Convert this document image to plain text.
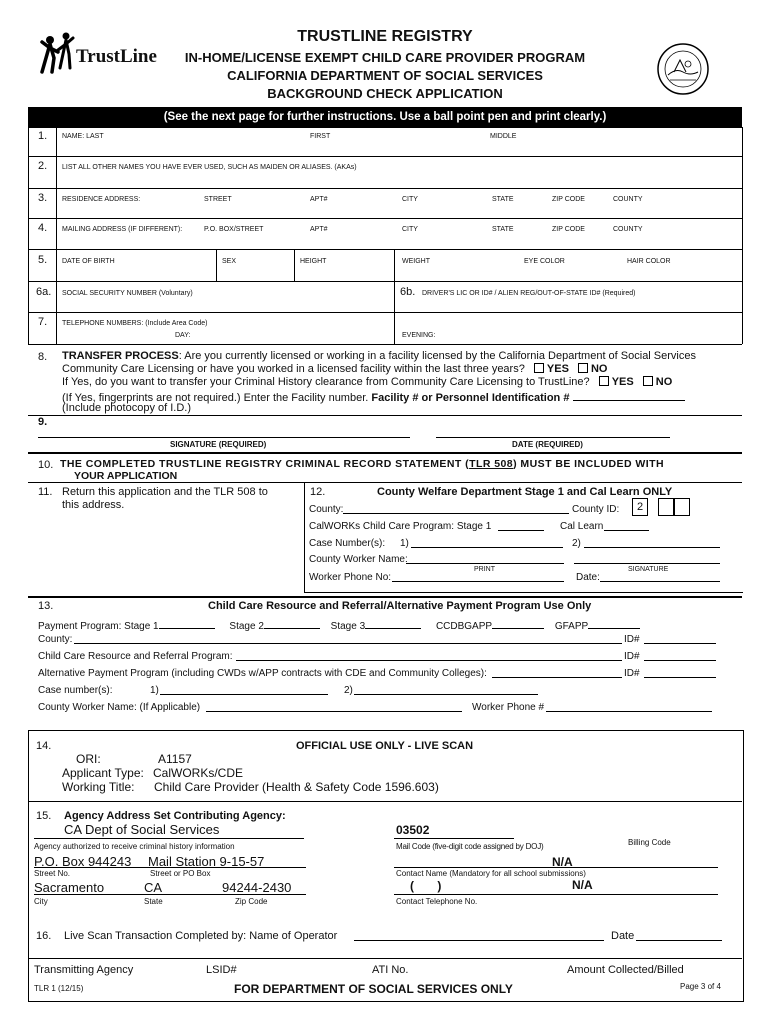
TrustLine
TRUSTLINE REGISTRY
IN-HOME/LICENSE EXEMPT CHILD CARE PROVIDER PROGRAM
CALIFORNIA DEPARTMENT OF SOCIAL SERVICES
BACKGROUND CHECK APPLICATION
(See the next page for further instructions. Use a ball point pen and print clearly.)
1. NAME: LAST	FIRST	MIDDLE
2. LIST ALL OTHER NAMES YOU HAVE EVER USED, SUCH AS MAIDEN OR ALIASES. (AKAs)
3. RESIDENCE ADDRESS:	STREET	APT#	CITY	STATE	ZIP CODE	COUNTY
4. MAILING ADDRESS (IF DIFFERENT):	P.O. BOX/STREET	APT#	CITY	STATE	ZIP CODE	COUNTY
5. DATE OF BIRTH	SEX	HEIGHT	WEIGHT	EYE COLOR	HAIR COLOR
6a. SOCIAL SECURITY NUMBER (Voluntary)	6b. DRIVER'S LIC OR ID# / ALIEN REG/OUT-OF-STATE ID# (Required)
7. TELEPHONE NUMBERS: (Include Area Code)
DAY:	EVENING:
8. TRANSFER PROCESS: Are you currently licensed or working in a facility licensed by the California Department of Social Services
Community Care Licensing or have you worked in a licensed facility within the last three years? YES NO
If Yes, do you want to transfer your Criminal History clearance from Community Care Licensing to TrustLine? YES NO
(If Yes, fingerprints are not required.) Enter the Facility number. Facility # or Personnel Identification #
(Include photocopy of I.D.)
9.
SIGNATURE (REQUIRED)	DATE (REQUIRED)
10. THE COMPLETED TRUSTLINE REGISTRY CRIMINAL RECORD STATEMENT (TLR 508) MUST BE INCLUDED WITH
YOUR APPLICATION
11. Return this application and the TLR 508 to
this address.
12.	County Welfare Department Stage 1 and Cal Learn ONLY
County:	County ID:	2
CalWORKs Child Care Program: Stage 1	Cal Learn
Case Number(s): 1)	2)
County Worker Name:
PRINT	SIGNATURE
Worker Phone No:	Date:
13.	Child Care Resource and Referral/Alternative Payment Program Use Only
Payment Program: Stage 1	Stage 2	Stage 3	CCDBGAPP	GFAPP
County:	ID#
Child Care Resource and Referral Program:	ID#
Alternative Payment Program (including CWDs w/APP contracts with CDE and Community Colleges):	ID#
Case number(s):	1)	2)
County Worker Name: (If Applicable)	Worker Phone #
14.	OFFICIAL USE ONLY - LIVE SCAN
ORI:	A1157
Applicant Type: CalWORKs/CDE
Working Title: Child Care Provider (Health & Safety Code 1596.603)
15. Agency Address Set Contributing Agency:
CA Dept of Social Services
Agency authorized to receive criminal history information
03502
Mail Code (five-digit code assigned by DOJ)	Billing Code
P.O. Box 944243 Mail Station 9-15-57
Street No.	Street or PO Box
N/A
Contact Name (Mandatory for all school submissions)
Sacramento	CA	94244-2430
City	State	Zip Code
(       )	N/A
Contact Telephone No.
16. Live Scan Transaction Completed by: Name of Operator	Date
Transmitting Agency	LSID#	ATI No.	Amount Collected/Billed
TLR 1 (12/15)	FOR DEPARTMENT OF SOCIAL SERVICES ONLY	Page 3 of 4
